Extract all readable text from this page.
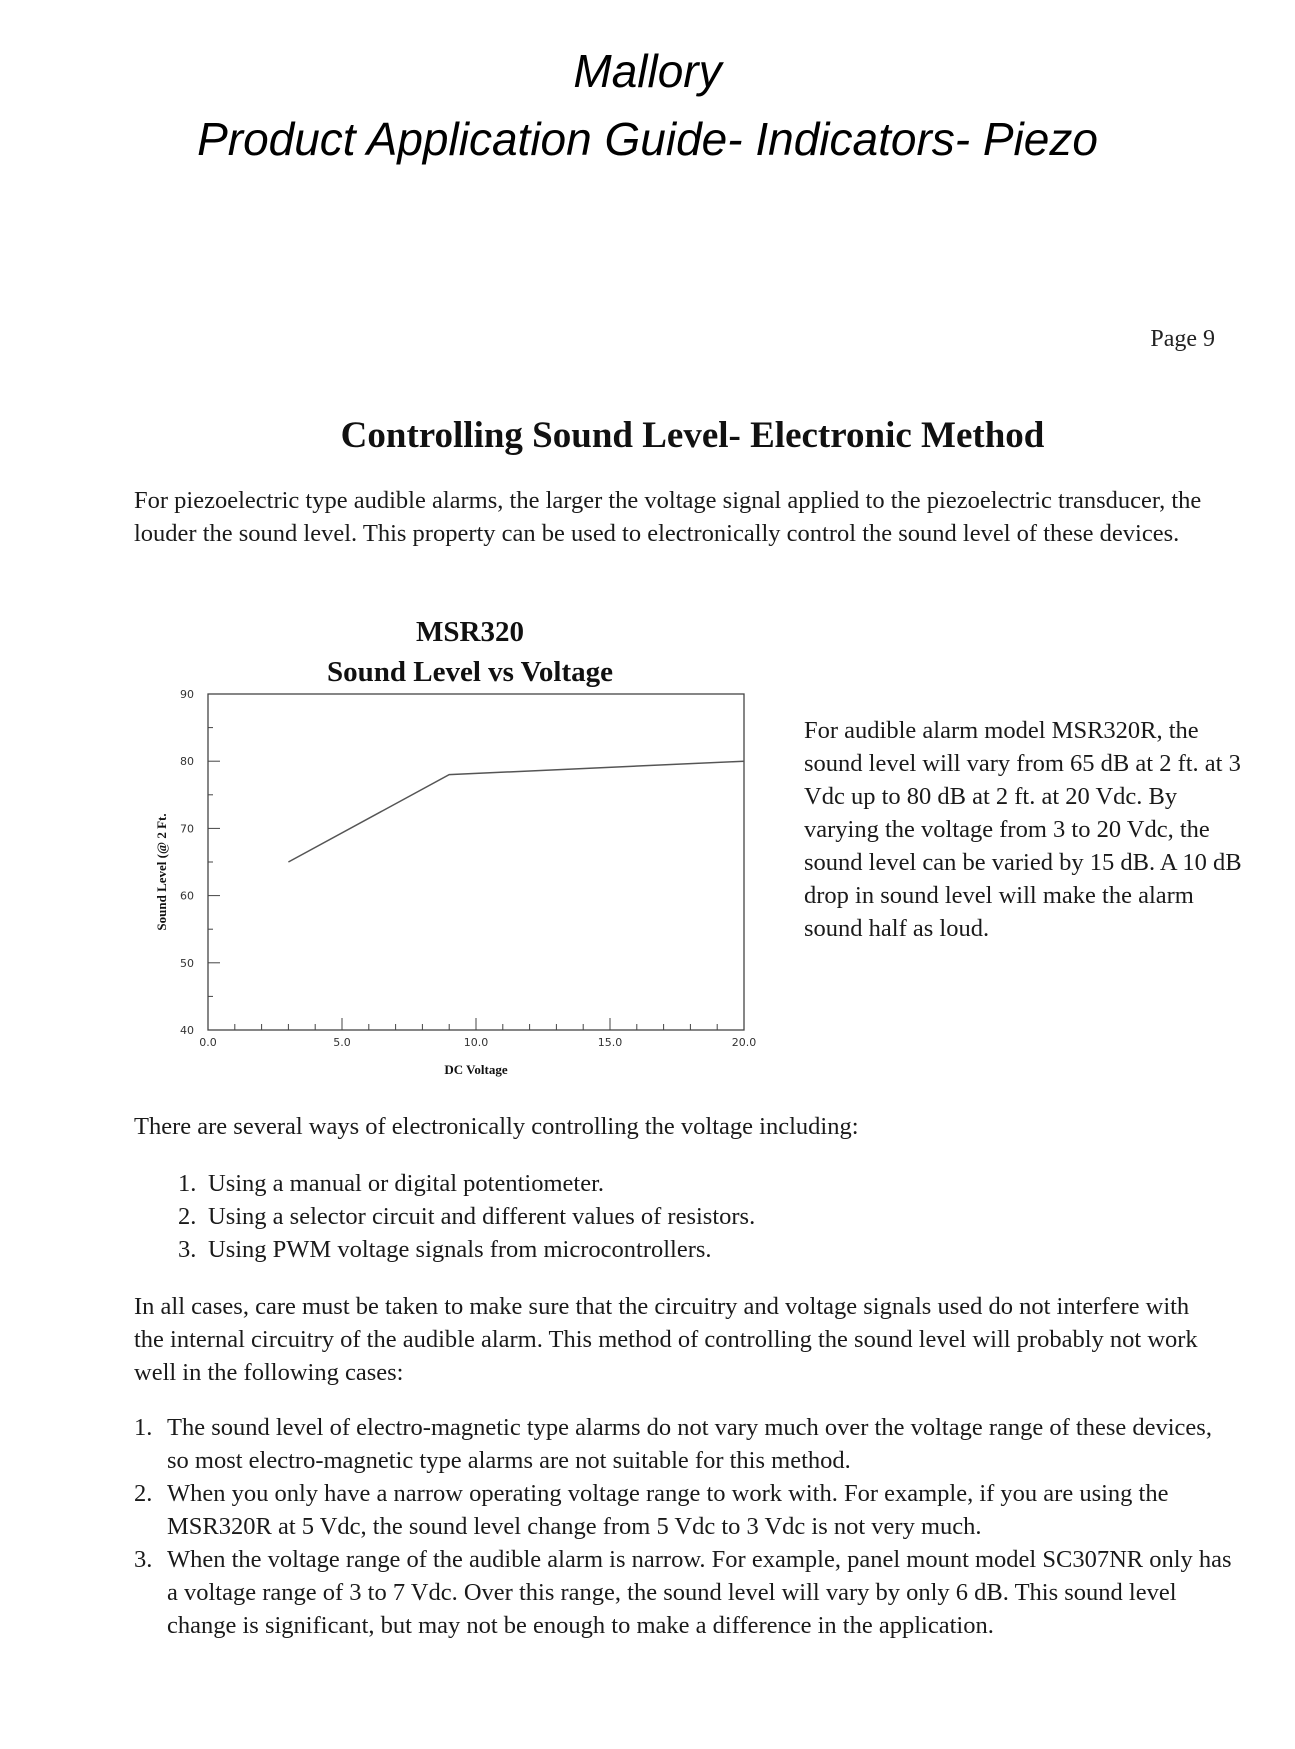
Mallory
Product Application Guide- Indicators- Piezo
Page 9
Controlling Sound Level- Electronic Method
For piezoelectric type audible alarms, the larger the voltage signal applied to the piezoelectric transducer, the louder the sound level. This property can be used to electronically control the sound level of these devices.
MSR320
Sound Level vs Voltage
40
50
60
70
80
90
0.0	5.0	10.0	15.0	20.0
DC Voltage
Sound Level (@ 2 Ft.
For audible alarm model MSR320R, the sound level will vary from 65 dB at 2 ft. at 3 Vdc up to 80 dB at 2 ft. at 20 Vdc. By varying the voltage from 3 to 20 Vdc, the sound level can be varied by 15 dB. A 10 dB drop in sound level will make the alarm sound half as loud.
There are several ways of electronically controlling the voltage including:
1. Using a manual or digital potentiometer.
2. Using a selector circuit and different values of resistors.
3. Using PWM voltage signals from microcontrollers.
In all cases, care must be taken to make sure that the circuitry and voltage signals used do not interfere with the internal circuitry of the audible alarm. This method of controlling the sound level will probably not work well in the following cases:
1. The sound level of electro-magnetic type alarms do not vary much over the voltage range of these devices, so most electro-magnetic type alarms are not suitable for this method.
2. When you only have a narrow operating voltage range to work with. For example, if you are using the MSR320R at 5 Vdc, the sound level change from 5 Vdc to 3 Vdc is not very much.
3. When the voltage range of the audible alarm is narrow. For example, panel mount model SC307NR only has a voltage range of 3 to 7 Vdc. Over this range, the sound level will vary by only 6 dB. This sound level change is significant, but may not be enough to make a difference in the application.
